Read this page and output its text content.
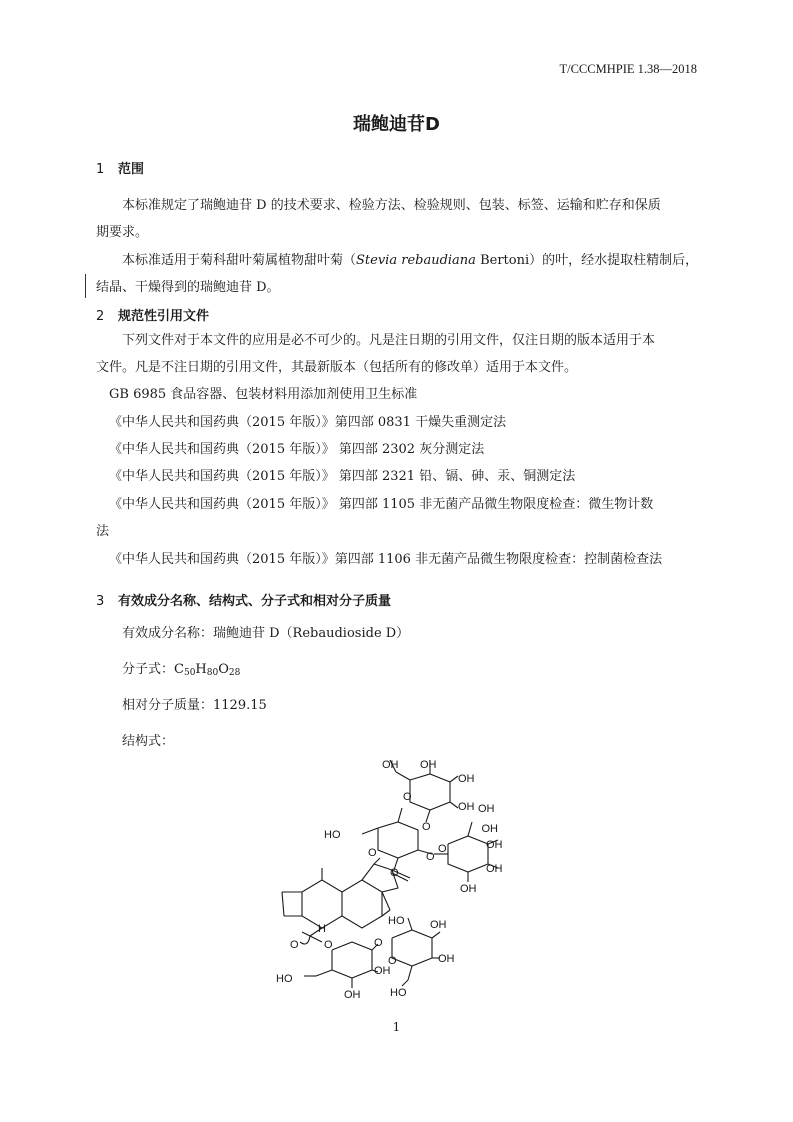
T/CCCMHPIE 1.38—2018
瑞鲍迪苷D
1 范围
本标准规定了瑞鲍迪苷 D 的技术要求、检验方法、检验规则、包装、标签、运输和贮存和保质
期要求。
本标准适用于菊科甜叶菊属植物甜叶菊（Stevia rebaudiana Bertoni）的叶，经水提取柱精制后，
结晶、干燥得到的瑞鲍迪苷 D。
2 规范性引用文件
下列文件对于本文件的应用是必不可少的。凡是注日期的引用文件，仅注日期的版本适用于本
文件。凡是不注日期的引用文件，其最新版本（包括所有的修改单）适用于本文件。
GB 6985 食品容器、包装材料用添加剂使用卫生标准
《中华人民共和国药典（2015 年版）》第四部 0831 干燥失重测定法
《中华人民共和国药典（2015 年版）》 第四部 2302 灰分测定法
《中华人民共和国药典（2015 年版）》 第四部 2321 铅、镉、砷、汞、铜测定法
《中华人民共和国药典（2015 年版）》 第四部 1105 非无菌产品微生物限度检查：微生物计数
法
《中华人民共和国药典（2015 年版）》第四部 1106 非无菌产品微生物限度检查：控制菌检查法
3 有效成分名称、结构式、分子式和相对分子质量
有效成分名称：瑞鲍迪苷 D（Rebaudioside D）
分子式：$C_{50}H_{80}O_{28}$
相对分子质量：1129.15
结构式：
OH OH
OH
OH OH
O
O
HO
O	O
O
O
OH
OH
OH
OH
H
O O	O
HO OH
OH
OH
O
HO
OH	HO
1
